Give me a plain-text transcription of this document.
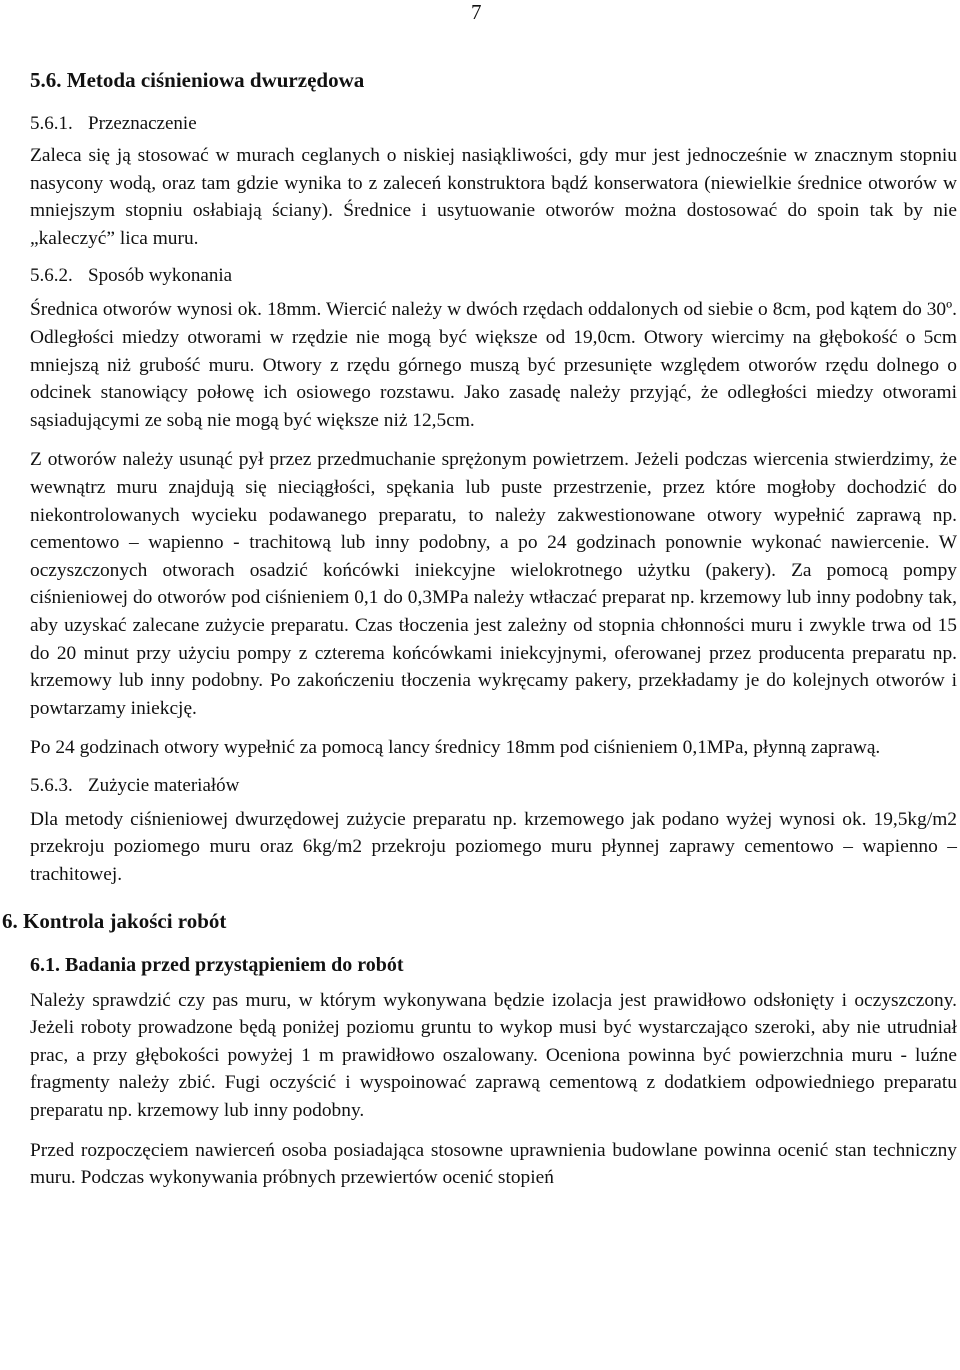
7
5.6. Metoda ciśnieniowa dwurzędowa
5.6.1. Przeznaczenie

Zaleca się ją stosować w murach ceglanych o niskiej nasiąkliwości, gdy mur jest jednocześnie w znacznym stopniu nasycony wodą, oraz tam gdzie wynika to z zaleceń konstruktora bądź konserwatora (niewielkie średnice otworów w mniejszym stopniu osłabiają ściany). Średnice i usytuowanie otworów można dostosować do spoin tak by nie „kaleczyć” lica muru.

5.6.2. Sposób wykonania

Średnica otworów wynosi ok. 18mm. Wiercić należy w dwóch rzędach oddalonych od siebie o 8cm, pod kątem do 30º. Odległości miedzy otworami w rzędzie nie mogą być większe od 19,0cm. Otwory wiercimy na głębokość o 5cm mniejszą niż grubość muru. Otwory z rzędu górnego muszą być przesunięte względem otworów rzędu dolnego o odcinek stanowiący połowę ich osiowego rozstawu. Jako zasadę należy przyjąć, że odległości miedzy otworami sąsiadującymi ze sobą nie mogą być większe niż 12,5cm.

Z otworów należy usunąć pył przez przedmuchanie sprężonym powietrzem. Jeżeli podczas wiercenia stwierdzimy, że wewnątrz muru znajdują się nieciągłości, spękania lub puste przestrzenie, przez które mogłoby dochodzić do niekontrolowanych wycieku podawanego preparatu, to należy zakwestionowane otwory wypełnić zaprawą np. cementowo – wapienno - trachitową lub inny podobny, a po 24 godzinach ponownie wykonać nawiercenie. W oczyszczonych otworach osadzić końcówki iniekcyjne wielokrotnego użytku (pakery). Za pomocą pompy ciśnieniowej do otworów pod ciśnieniem 0,1 do 0,3MPa należy wtłaczać preparat np. krzemowy lub inny podobny tak, aby uzyskać zalecane zużycie preparatu. Czas tłoczenia jest zależny od stopnia chłonności muru i zwykle trwa od 15 do 20 minut przy użyciu pompy z czterema końcówkami iniekcyjnymi, oferowanej przez producenta preparatu np. krzemowy lub inny podobny. Po zakończeniu tłoczenia wykręcamy pakery, przekładamy je do kolejnych otworów i powtarzamy iniekcję.

Po 24 godzinach otwory wypełnić za pomocą lancy średnicy 18mm pod ciśnieniem 0,1MPa, płynną zaprawą.

5.6.3. Zużycie materiałów

Dla metody ciśnieniowej dwurzędowej zużycie preparatu np. krzemowego jak podano wyżej wynosi ok. 19,5kg/m2 przekroju poziomego muru oraz 6kg/m2 przekroju poziomego muru płynnej zaprawy cementowo – wapienno – trachitowej.

6. Kontrola jakości robót
6.1. Badania przed przystąpieniem do robót

Należy sprawdzić czy pas muru, w którym wykonywana będzie izolacja jest prawidłowo odsłonięty i oczyszczony. Jeżeli roboty prowadzone będą poniżej poziomu gruntu to wykop musi być wystarczająco szeroki, aby nie utrudniał prac, a przy głębokości powyżej 1 m prawidłowo oszalowany. Oceniona powinna być powierzchnia muru - luźne fragmenty należy zbić. Fugi oczyścić i wyspoinować zaprawą cementową z dodatkiem odpowiedniego preparatu preparatu np. krzemowy lub inny podobny.

Przed rozpoczęciem nawierceń osoba posiadająca stosowne uprawnienia budowlane powinna ocenić stan techniczny muru. Podczas wykonywania próbnych przewiertów ocenić stopień
